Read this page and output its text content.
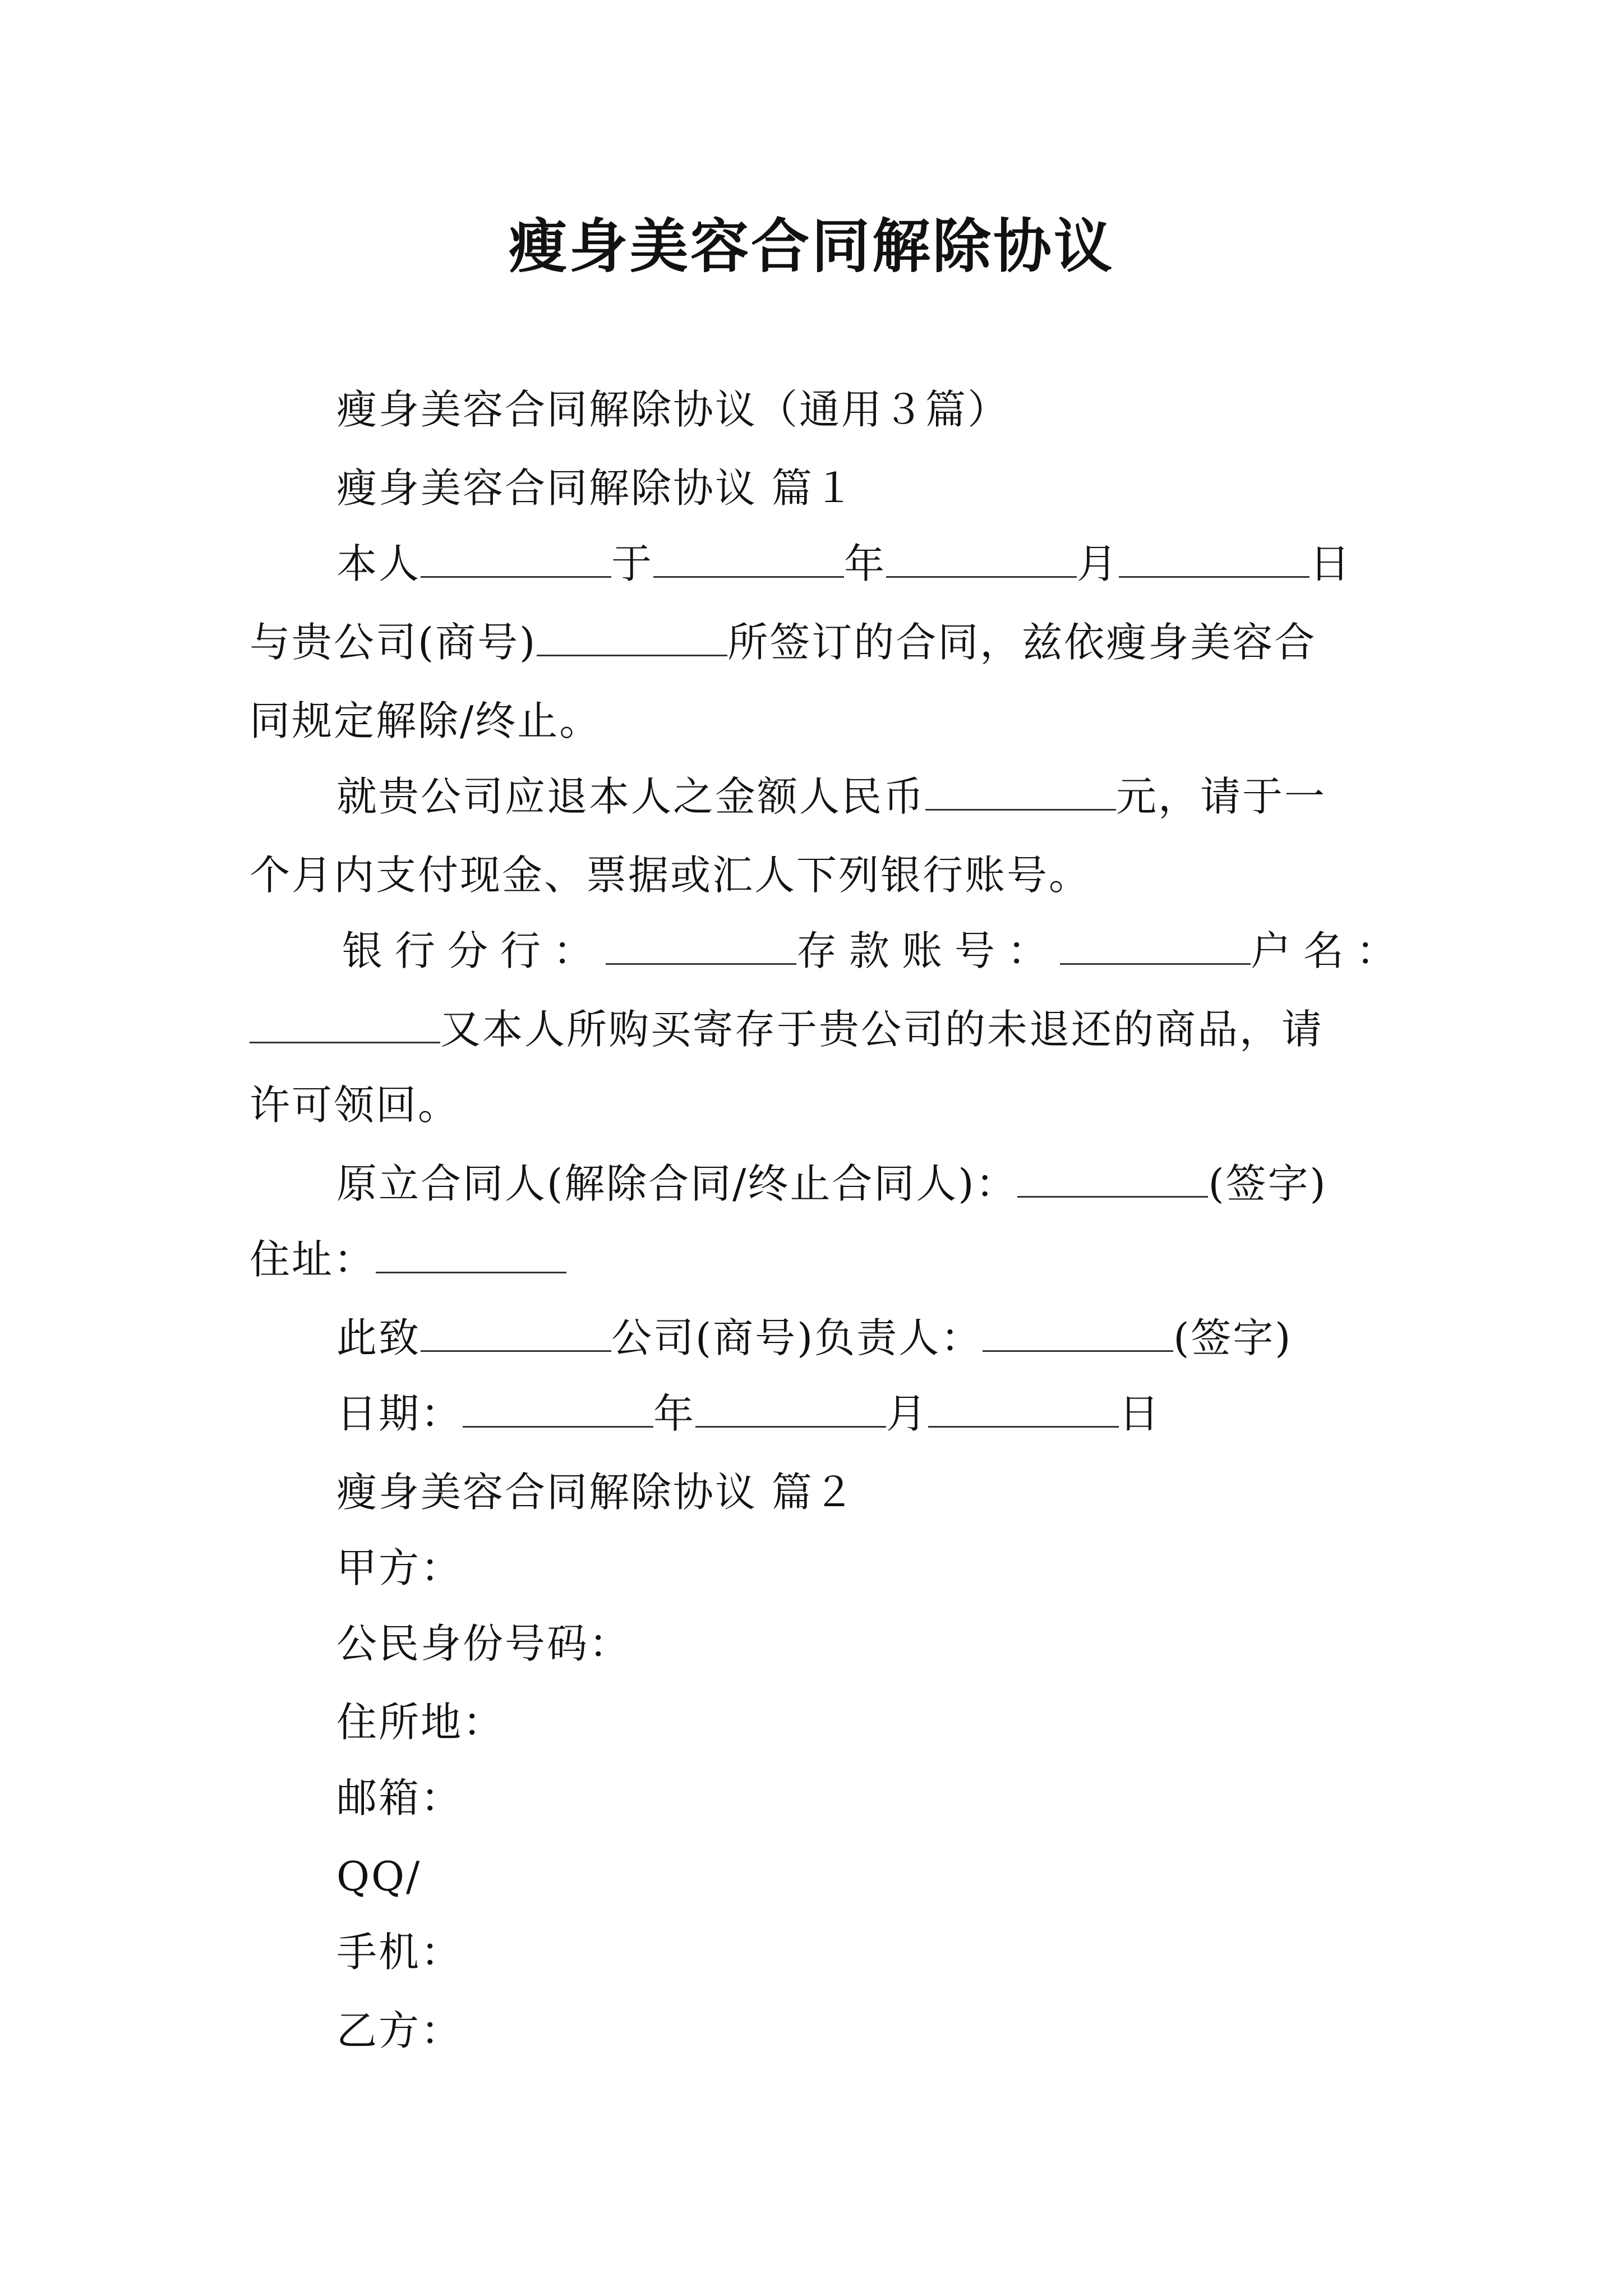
瘦身美容合同解除协议
瘦身美容合同解除协议（通用３篇）
瘦身美容合同解除协议 篇１
本人	于	年	月	日
与贵公司(商号)	所签订的合同，兹依瘦身美容合
同规定解除/终止。
就贵公司应退本人之金额人民币	元，请于一
个月内支付现金、票据或汇人下列银行账号。
银行分行：	存款账号：	户名：
又本人所购买寄存于贵公司的未退还的商品，请
许可领回。
原立合同人(解除合同/终止合同人)：	(签字)
住址：
此致	公司(商号)负责人：	(签字)
日期：	年	月	日
瘦身美容合同解除协议 篇２
甲方：
公民身份号码：
住所地：
邮箱：
QQ/
手机：
乙方：
